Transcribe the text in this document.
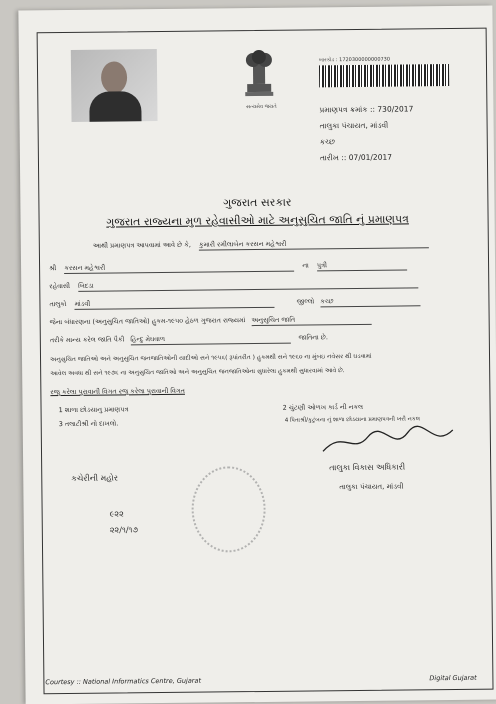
સત્યમેવ જયતે
બારકોડ : 1720300000000730
પ્રમાણપત્ર ક્રમાંક :: 730/2017
તાલુકા પંચાયત, માંડવી
કચ્છ
તારીખ :: 07/01/2017
ગુજરાત સરકાર
ગુજરાત રાજ્યના મુળ રહેવાસીઓ માટે અનુસુચિત જાતિ નું પ્રમાણપત્ર
આથી પ્રમાણપત્ર આપવામાં આવે છે કે, કુમારી રમીલાબેન કરસન મહેશ્વરી
શ્રી કરસન મહેશ્વરી	ના પુત્રી
રહેવાસી બિદડા
તાલુકો માંડવી	જીલ્લો કચ્છ
જેના બંધારણના (અનુસુચિત જાતિઓ) હુકમ-૧૯૫૦ હેઠળ ગુજરાત રાજ્યમાં અનુસુચિત જાતિ
તરીકે માન્ય કરેલ જાતિ પૈકી હિન્દુ મેઘવાળ	જાતિના છે.
અનુસુચિત જાતિઓ અને અનુસુચિત જનજાતિઓની યાદીઓ સને ૧૯૫૬( રૂપાંતરીત ) હુકમથી સને ૧૯૬૦ ના મુંબઇ નવેસર થી ઘડવામાં
આવેલ અવધા થી સને ૧૯૭૬ ના અનુસુચિત જાતિઓ અને અનુસુચિત જનજાતિઓના સુધારેલા હુકમથી સુધારવામાં આવે છે.
રજુ કરેલા પુરાવાની વિગત રજુ કરેલા પુરાવાની વિગત
1 શાળા છોડયાનુ પ્રમાણપત્ર	2 ચુંટણી ઓળખ કાર્ડ ની નકલ
3 તલાટીશ્રી નો દાખલો.	4 પિતાશ્રી/કુટુંબના નું શાળા છોડયાના પ્રમાણપત્રની ખરી નકલ
કચેરીની મહોર
તાલુકા વિકાસ અધિકારી
તાલુકા પંચાયત, માંડવી
૯૨૨
૨૨/૧/૧૭
Courtesy :: National Informatics Centre, Gujarat	Digital Gujarat
